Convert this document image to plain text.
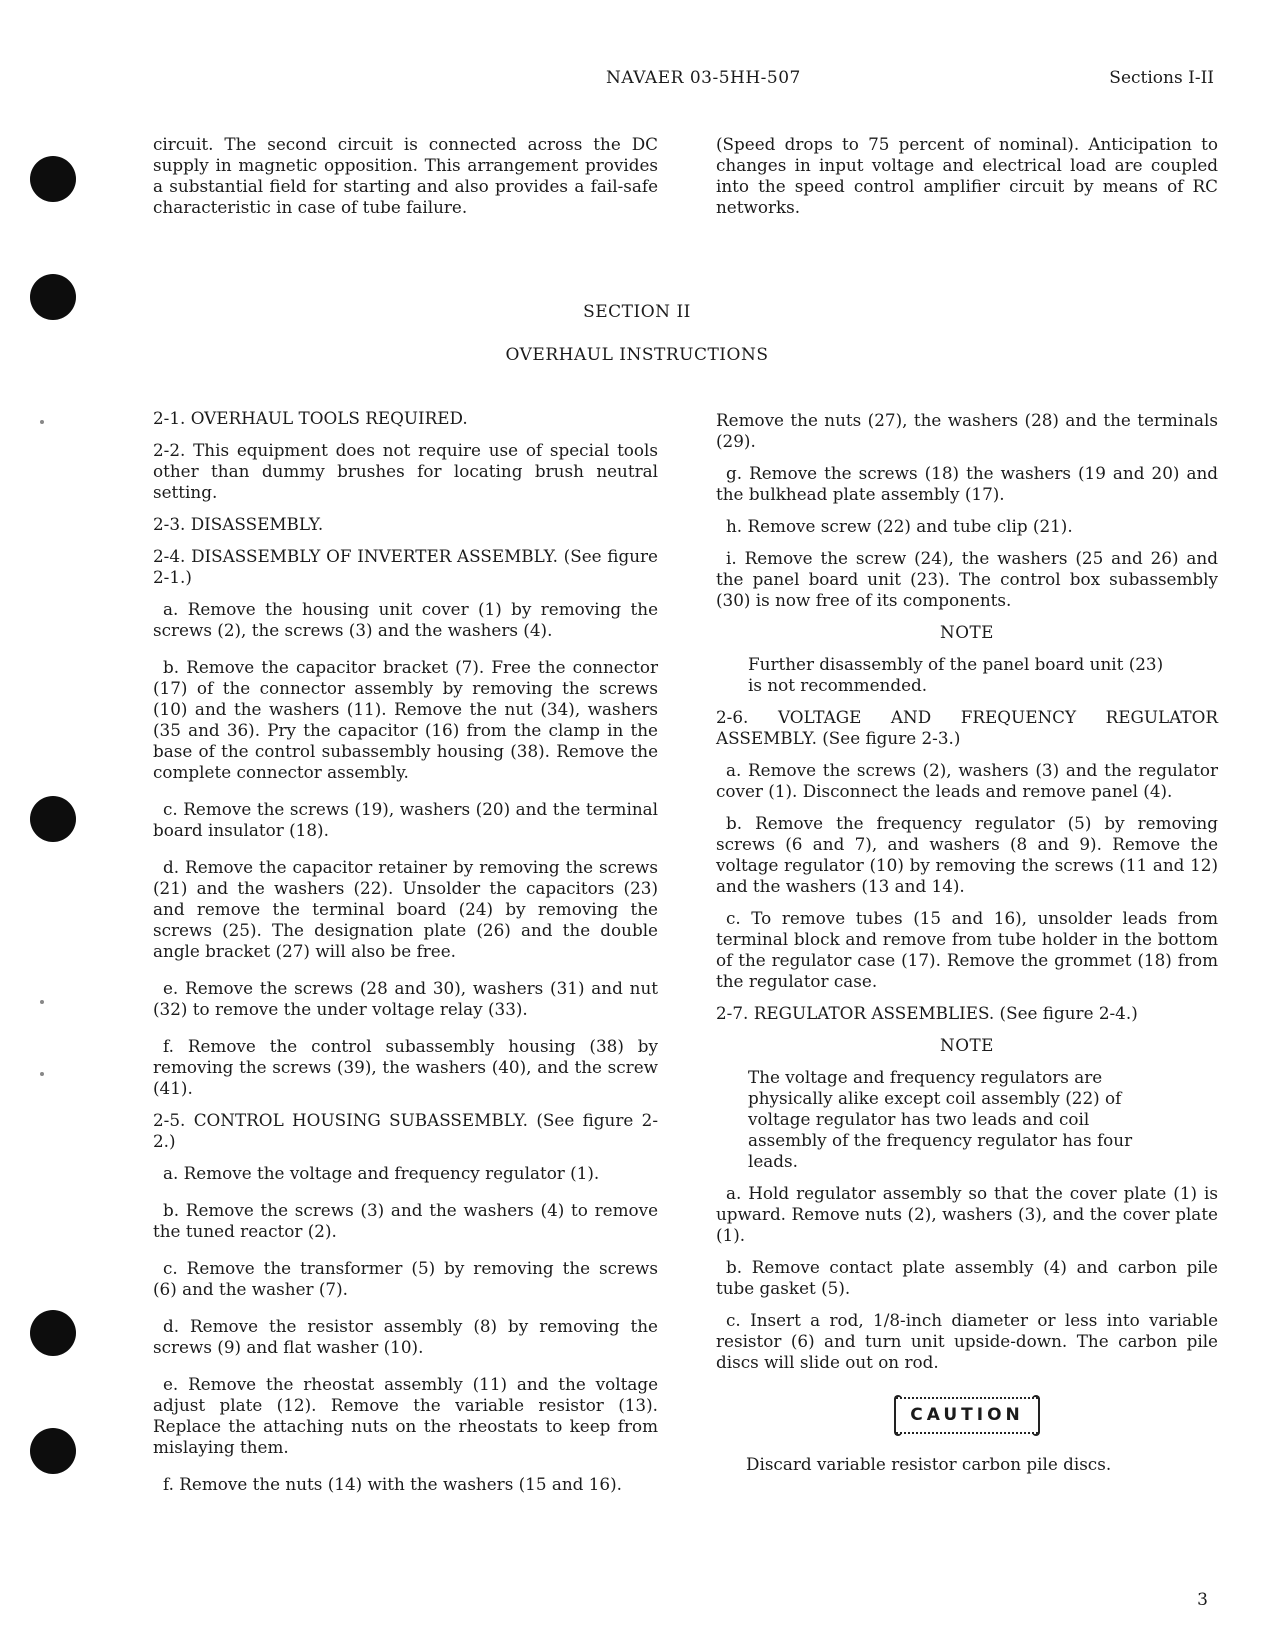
NAVAER 03-5HH-507	Sections I-II

circuit. The second circuit is connected across the DC supply in magnetic opposition. This arrangement provides a substantial field for starting and also provides a fail-safe characteristic in case of tube failure.

(Speed drops to 75 percent of nominal). Anticipation to changes in input voltage and electrical load are coupled into the speed control amplifier circuit by means of RC networks.

SECTION II
OVERHAUL INSTRUCTIONS

2-1. OVERHAUL TOOLS REQUIRED.

2-2. This equipment does not require use of special tools other than dummy brushes for locating brush neutral setting.

2-3. DISASSEMBLY.

2-4. DISASSEMBLY OF INVERTER ASSEMBLY. (See figure 2-1.)

a. Remove the housing unit cover (1) by removing the screws (2), the screws (3) and the washers (4).

b. Remove the capacitor bracket (7). Free the connector (17) of the connector assembly by removing the screws (10) and the washers (11). Remove the nut (34), washers (35 and 36). Pry the capacitor (16) from the clamp in the base of the control subassembly housing (38). Remove the complete connector assembly.

c. Remove the screws (19), washers (20) and the terminal board insulator (18).

d. Remove the capacitor retainer by removing the screws (21) and the washers (22). Unsolder the capacitors (23) and remove the terminal board (24) by removing the screws (25). The designation plate (26) and the double angle bracket (27) will also be free.

e. Remove the screws (28 and 30), washers (31) and nut (32) to remove the under voltage relay (33).

f. Remove the control subassembly housing (38) by removing the screws (39), the washers (40), and the screw (41).

2-5. CONTROL HOUSING SUBASSEMBLY. (See figure 2-2.)

a. Remove the voltage and frequency regulator (1).

b. Remove the screws (3) and the washers (4) to remove the tuned reactor (2).

c. Remove the transformer (5) by removing the screws (6) and the washer (7).

d. Remove the resistor assembly (8) by removing the screws (9) and flat washer (10).

e. Remove the rheostat assembly (11) and the voltage adjust plate (12). Remove the variable resistor (13). Replace the attaching nuts on the rheostats to keep from mislaying them.

f. Remove the nuts (14) with the washers (15 and 16).

Remove the nuts (27), the washers (28) and the terminals (29).

g. Remove the screws (18) the washers (19 and 20) and the bulkhead plate assembly (17).

h. Remove screw (22) and tube clip (21).

i. Remove the screw (24), the washers (25 and 26) and the panel board unit (23). The control box subassembly (30) is now free of its components.

NOTE

Further disassembly of the panel board unit (23) is not recommended.

2-6. VOLTAGE AND FREQUENCY REGULATOR ASSEMBLY. (See figure 2-3.)

a. Remove the screws (2), washers (3) and the regulator cover (1). Disconnect the leads and remove panel (4).

b. Remove the frequency regulator (5) by removing screws (6 and 7), and washers (8 and 9). Remove the voltage regulator (10) by removing the screws (11 and 12) and the washers (13 and 14).

c. To remove tubes (15 and 16), unsolder leads from terminal block and remove from tube holder in the bottom of the regulator case (17). Remove the grommet (18) from the regulator case.

2-7. REGULATOR ASSEMBLIES. (See figure 2-4.)

NOTE

The voltage and frequency regulators are physically alike except coil assembly (22) of voltage regulator has two leads and coil assembly of the frequency regulator has four leads.

a. Hold regulator assembly so that the cover plate (1) is upward. Remove nuts (2), washers (3), and the cover plate (1).

b. Remove contact plate assembly (4) and carbon pile tube gasket (5).

c. Insert a rod, 1/8-inch diameter or less into variable resistor (6) and turn unit upside-down. The carbon pile discs will slide out on rod.

CAUTION

Discard variable resistor carbon pile discs.

3
